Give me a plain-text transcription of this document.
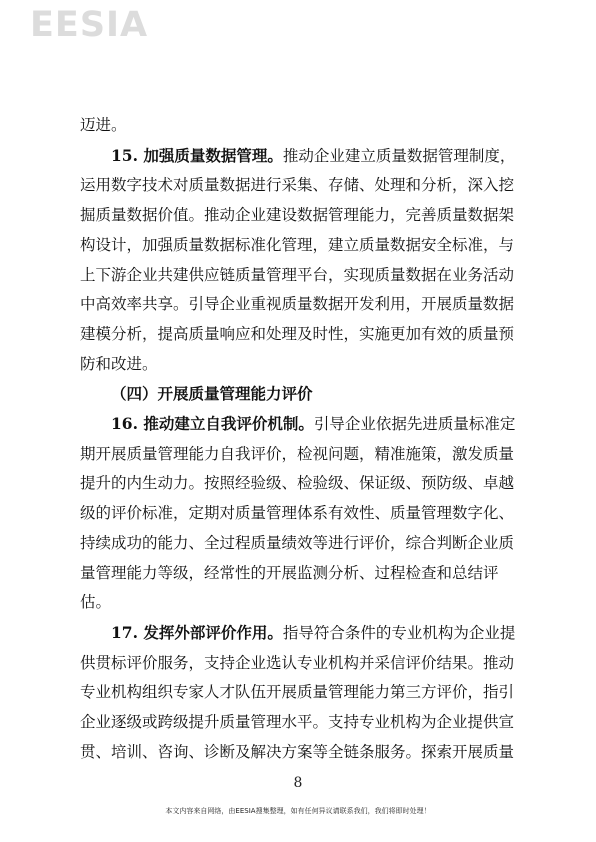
EESIA

迈进。

15. 加强质量数据管理。推动企业建立质量数据管理制度，运用数字技术对质量数据进行采集、存储、处理和分析，深入挖掘质量数据价值。推动企业建设数据管理能力，完善质量数据架构设计，加强质量数据标准化管理，建立质量数据安全标准，与上下游企业共建供应链质量管理平台，实现质量数据在业务活动中高效率共享。引导企业重视质量数据开发利用，开展质量数据建模分析，提高质量响应和处理及时性，实施更加有效的质量预防和改进。

（四）开展质量管理能力评价

16. 推动建立自我评价机制。引导企业依据先进质量标准定期开展质量管理能力自我评价，检视问题，精准施策，激发质量提升的内生动力。按照经验级、检验级、保证级、预防级、卓越级的评价标准，定期对质量管理体系有效性、质量管理数字化、持续成功的能力、全过程质量绩效等进行评价，综合判断企业质量管理能力等级，经常性的开展监测分析、过程检查和总结评估。

17. 发挥外部评价作用。指导符合条件的专业机构为企业提供贯标评价服务，支持企业选认专业机构并采信评价结果。推动专业机构组织专家人才队伍开展质量管理能力第三方评价，指引企业逐级或跨级提升质量管理水平。支持专业机构为企业提供宣贯、培训、咨询、诊断及解决方案等全链条服务。探索开展质量

8
本文内容来自网络，由EESIA搜集整理，如有任何异议请联系我们，我们将即时处理！
